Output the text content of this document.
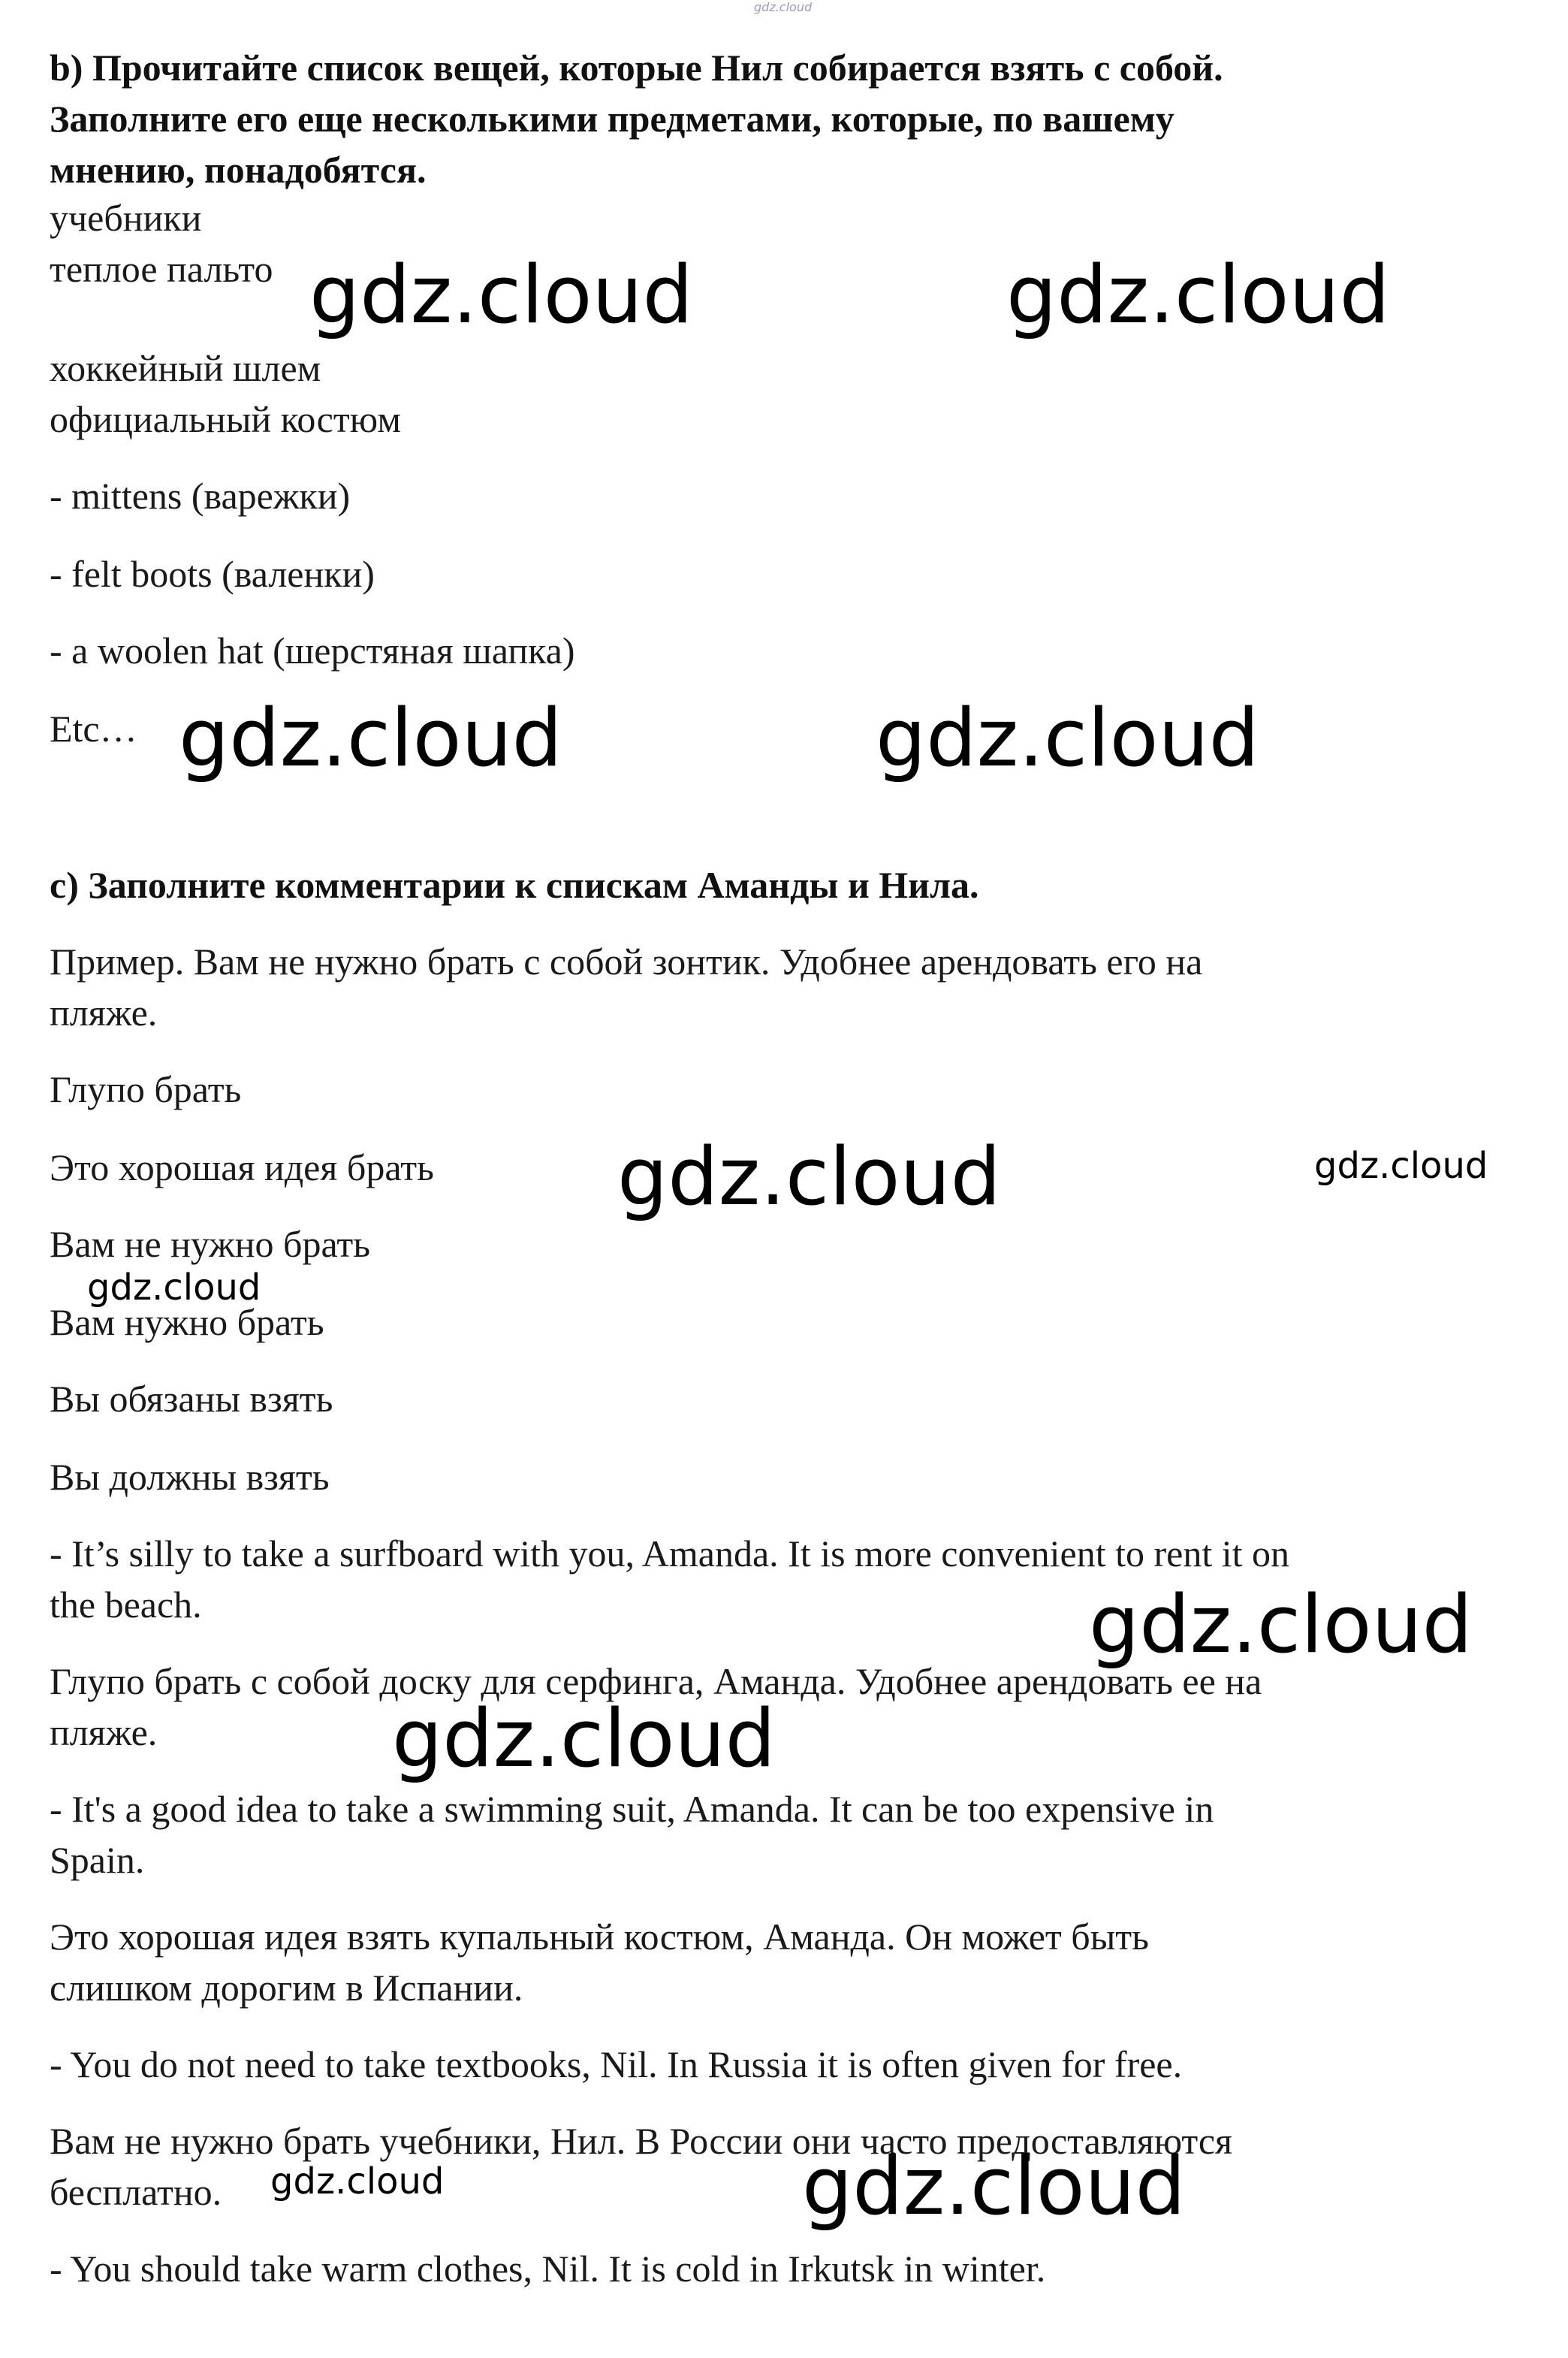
gdz.cloud

b) Прочитайте список вещей, которые Нил собирается взять с собой.

Заполните его еще несколькими предметами, которые, по вашему

мнению, понадобятся.

учебники

теплое пальто

хоккейный шлем

официальный костюм

- mittens (варежки)

- felt boots (валенки)

- a woolen hat (шерстяная шапка)

Etc…

c) Заполните комментарии к спискам Аманды и Нила.

Пример. Вам не нужно брать с собой зонтик. Удобнее арендовать его на

пляже.

Глупо брать

Это хорошая идея брать

Вам не нужно брать

Вам нужно брать

Вы обязаны взять

Вы должны взять

- It’s silly to take a surfboard with you, Amanda. It is more convenient to rent it on

the beach.

Глупо брать с собой доску для серфинга, Аманда. Удобнее арендовать ее на

пляже.

- It's a good idea to take a swimming suit, Amanda. It can be too expensive in

Spain.

Это хорошая идея взять купальный костюм, Аманда. Он может быть

слишком дорогим в Испании.

- You do not need to take textbooks, Nil. In Russia it is often given for free.

Вам не нужно брать учебники, Нил. В России они часто предоставляются

бесплатно.

- You should take warm clothes, Nil. It is cold in Irkutsk in winter.

gdz.cloud	gdz.cloud
gdz.cloud	gdz.cloud
gdz.cloud	gdz.cloud
gdz.cloud
gdz.cloud
gdz.cloud
gdz.cloud	gdz.cloud
